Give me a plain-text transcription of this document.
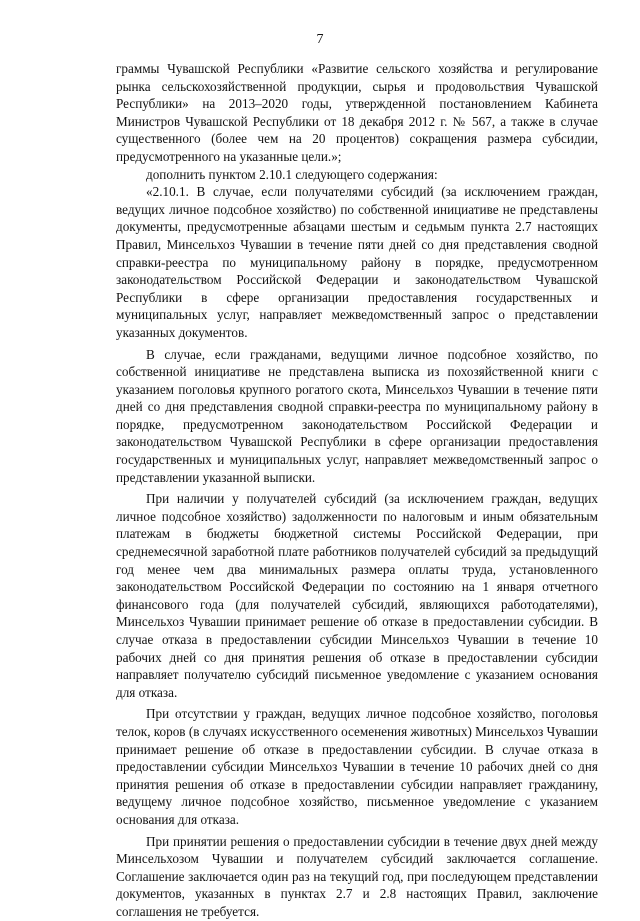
7

граммы Чувашской Республики «Развитие сельского хозяйства и регулирование рынка сельскохозяйственной продукции, сырья и продовольствия Чувашской Республики» на 2013–2020 годы, утвержденной постановлением Кабинета Министров Чувашской Республики от 18 декабря 2012 г. № 567, а также в случае существенного (более чем на 20 процентов) сокращения размера субсидии, предусмотренного на указанные цели.»;

дополнить пунктом 2.10.1 следующего содержания:

«2.10.1. В случае, если получателями субсидий (за исключением граждан, ведущих личное подсобное хозяйство) по собственной инициативе не представлены документы, предусмотренные абзацами шестым и седьмым пункта 2.7 настоящих Правил, Минсельхоз Чувашии в течение пяти дней со дня представления сводной справки-реестра по муниципальному району в порядке, предусмотренном законодательством Российской Федерации и законодательством Чувашской Республики в сфере организации предоставления государственных и муниципальных услуг, направляет межведомственный запрос о представлении указанных документов.

В случае, если гражданами, ведущими личное подсобное хозяйство, по собственной инициативе не представлена выписка из похозяйственной книги с указанием поголовья крупного рогатого скота, Минсельхоз Чувашии в течение пяти дней со дня представления сводной справки-реестра по муниципальному району в порядке, предусмотренном законодательством Российской Федерации и законодательством Чувашской Республики в сфере организации предоставления государственных и муниципальных услуг, направляет межведомственный запрос о представлении указанной выписки.

При наличии у получателей субсидий (за исключением граждан, ведущих личное подсобное хозяйство) задолженности по налоговым и иным обязательным платежам в бюджеты бюджетной системы Российской Федерации, при среднемесячной заработной плате работников получателей субсидий за предыдущий год менее чем два минимальных размера оплаты труда, установленного законодательством Российской Федерации по состоянию на 1 января отчетного финансового года (для получателей субсидий, являющихся работодателями), Минсельхоз Чувашии принимает решение об отказе в предоставлении субсидии. В случае отказа в предоставлении субсидии Минсельхоз Чувашии в течение 10 рабочих дней со дня принятия решения об отказе в предоставлении субсидии направляет получателю субсидий письменное уведомление с указанием основания для отказа.

При отсутствии у граждан, ведущих личное подсобное хозяйство, поголовья телок, коров (в случаях искусственного осеменения животных) Минсельхоз Чувашии принимает решение об отказе в предоставлении субсидии. В случае отказа в предоставлении субсидии Минсельхоз Чувашии в течение 10 рабочих дней со дня принятия решения об отказе в предоставлении субсидии направляет гражданину, ведущему личное подсобное хозяйство, письменное уведомление с указанием основания для отказа.

При принятии решения о предоставлении субсидии в течение двух дней между Минсельхозом Чувашии и получателем субсидий заключается соглашение. Соглашение заключается один раз на текущий год, при последующем представлении документов, указанных в пунктах 2.7 и 2.8 настоящих Правил, заключение соглашения не требуется.
